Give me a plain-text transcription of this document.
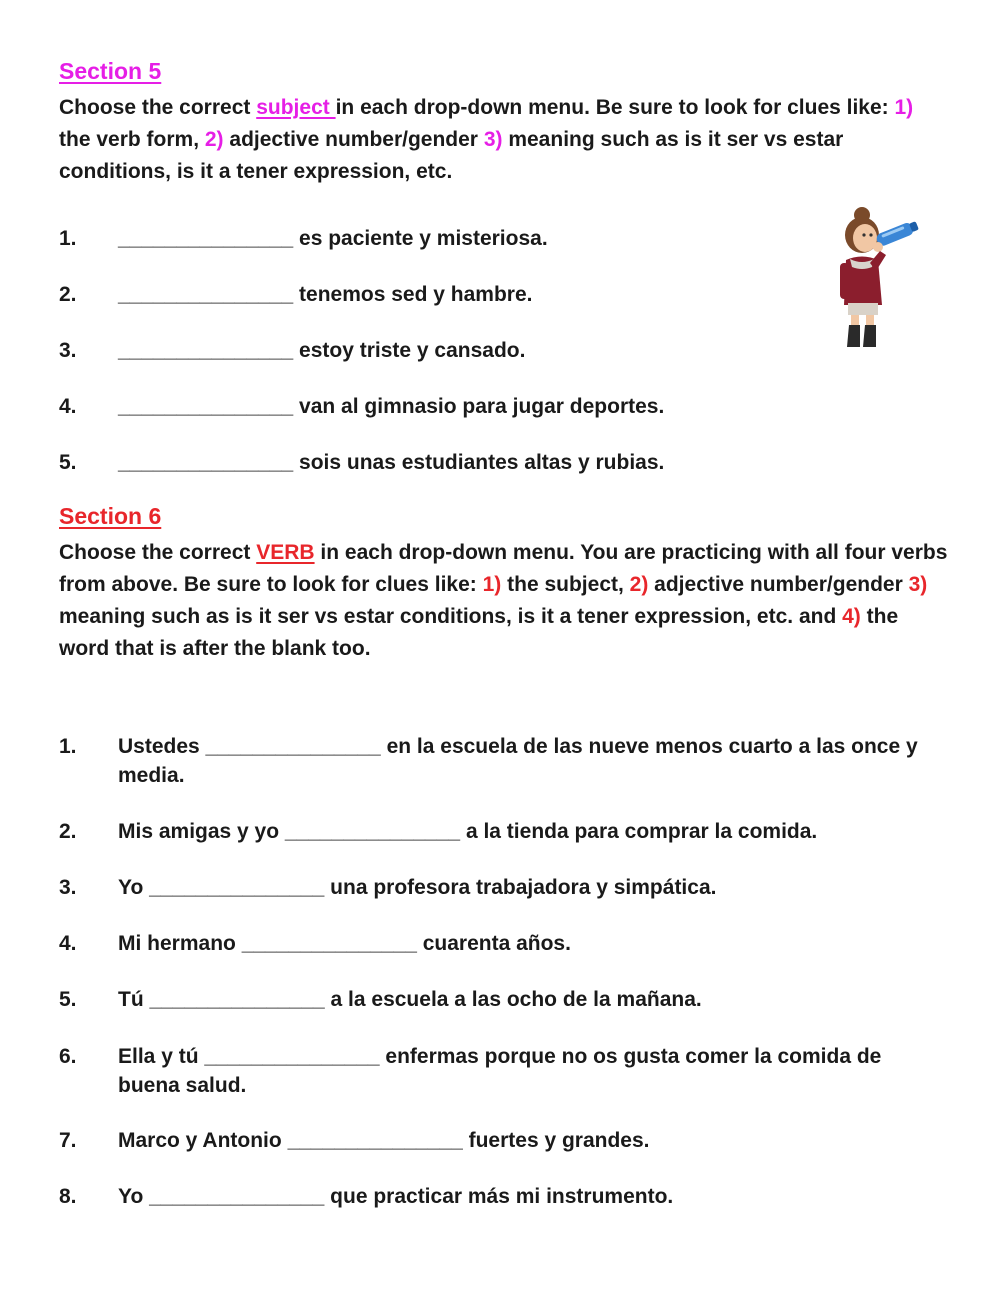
Section 5

Choose the correct subject in each drop-down menu. Be sure to look for clues like: 1) the verb form, 2) adjective number/gender 3) meaning such as is it ser vs estar conditions, is it a tener expression, etc.

1.	_______________ es paciente y misteriosa.
2.	_______________ tenemos sed y hambre.
3.	_______________ estoy triste y cansado.
4.	_______________ van al gimnasio para jugar deportes.
5.	_______________ sois unas estudiantes altas y rubias.
Section 6

Choose the correct VERB in each drop-down menu. You are practicing with all four verbs from above. Be sure to look for clues like: 1) the subject, 2) adjective number/gender 3) meaning such as is it ser vs estar conditions, is it a tener expression, etc. and 4) the word that is after the blank too.

1.	Ustedes _______________ en la escuela de las nueve menos cuarto a las once y media.
2.	Mis amigas y yo _______________ a la tienda para comprar la comida.
3.	Yo _______________ una profesora trabajadora y simpática.
4.	Mi hermano _______________ cuarenta años.
5.	Tú _______________ a la escuela a las ocho de la mañana.
6.	Ella y tú _______________ enfermas porque no os gusta comer la comida de buena salud.
7.	Marco y Antonio _______________ fuertes y grandes.
8.	Yo _______________ que practicar más mi instrumento.
